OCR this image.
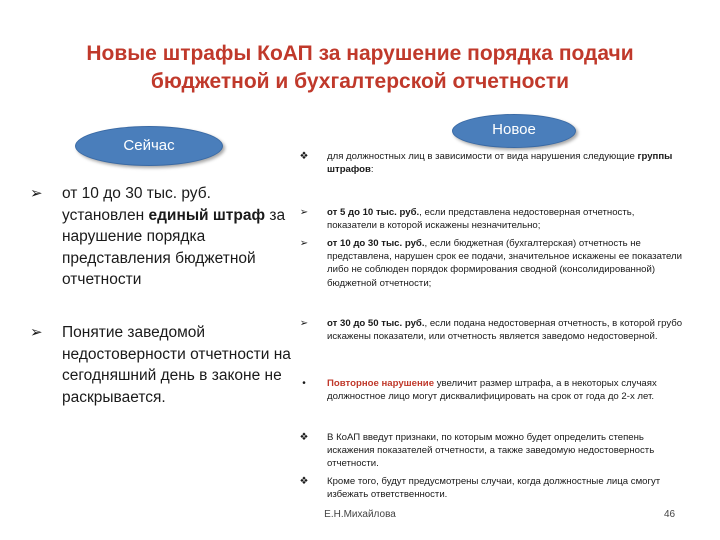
Новые штрафы КоАП за нарушение порядка подачи
бюджетной и бухгалтерской отчетности
Сейчас
Новое
➢ от 10 до 30 тыс. руб. установлен единый штраф за нарушение порядка представления бюджетной отчетности
➢ Понятие заведомой недостоверности отчетности на сегодняшний день в законе не раскрывается.
❖ для должностных лиц в зависимости от вида нарушения следующие группы штрафов:
➢ от 5 до 10 тыс. руб., если представлена недостоверная отчетность, показатели в которой искажены незначительно;
➢ от 10 до 30 тыс. руб., если бюджетная (бухгалтерская) отчетность не представлена, нарушен срок ее подачи, значительное искажены ее показатели либо не соблюден порядок формирования сводной (консолидированной) бюджетной отчетности;
➢ от 30 до 50 тыс. руб., если подана недостоверная отчетность, в которой грубо искажены показатели, или отчетность является заведомо недостоверной.
•	Повторное нарушение увеличит размер штрафа, а в некоторых случаях должностное лицо могут дисквалифицировать на срок от года до 2-х лет.
❖ В КоАП введут признаки, по которым можно будет определить степень искажения показателей отчетности, а также заведомую недостоверность отчетности.
❖ Кроме того, будут предусмотрены случаи, когда должностные лица смогут избежать ответственности.
Е.Н.Михайлова	46
